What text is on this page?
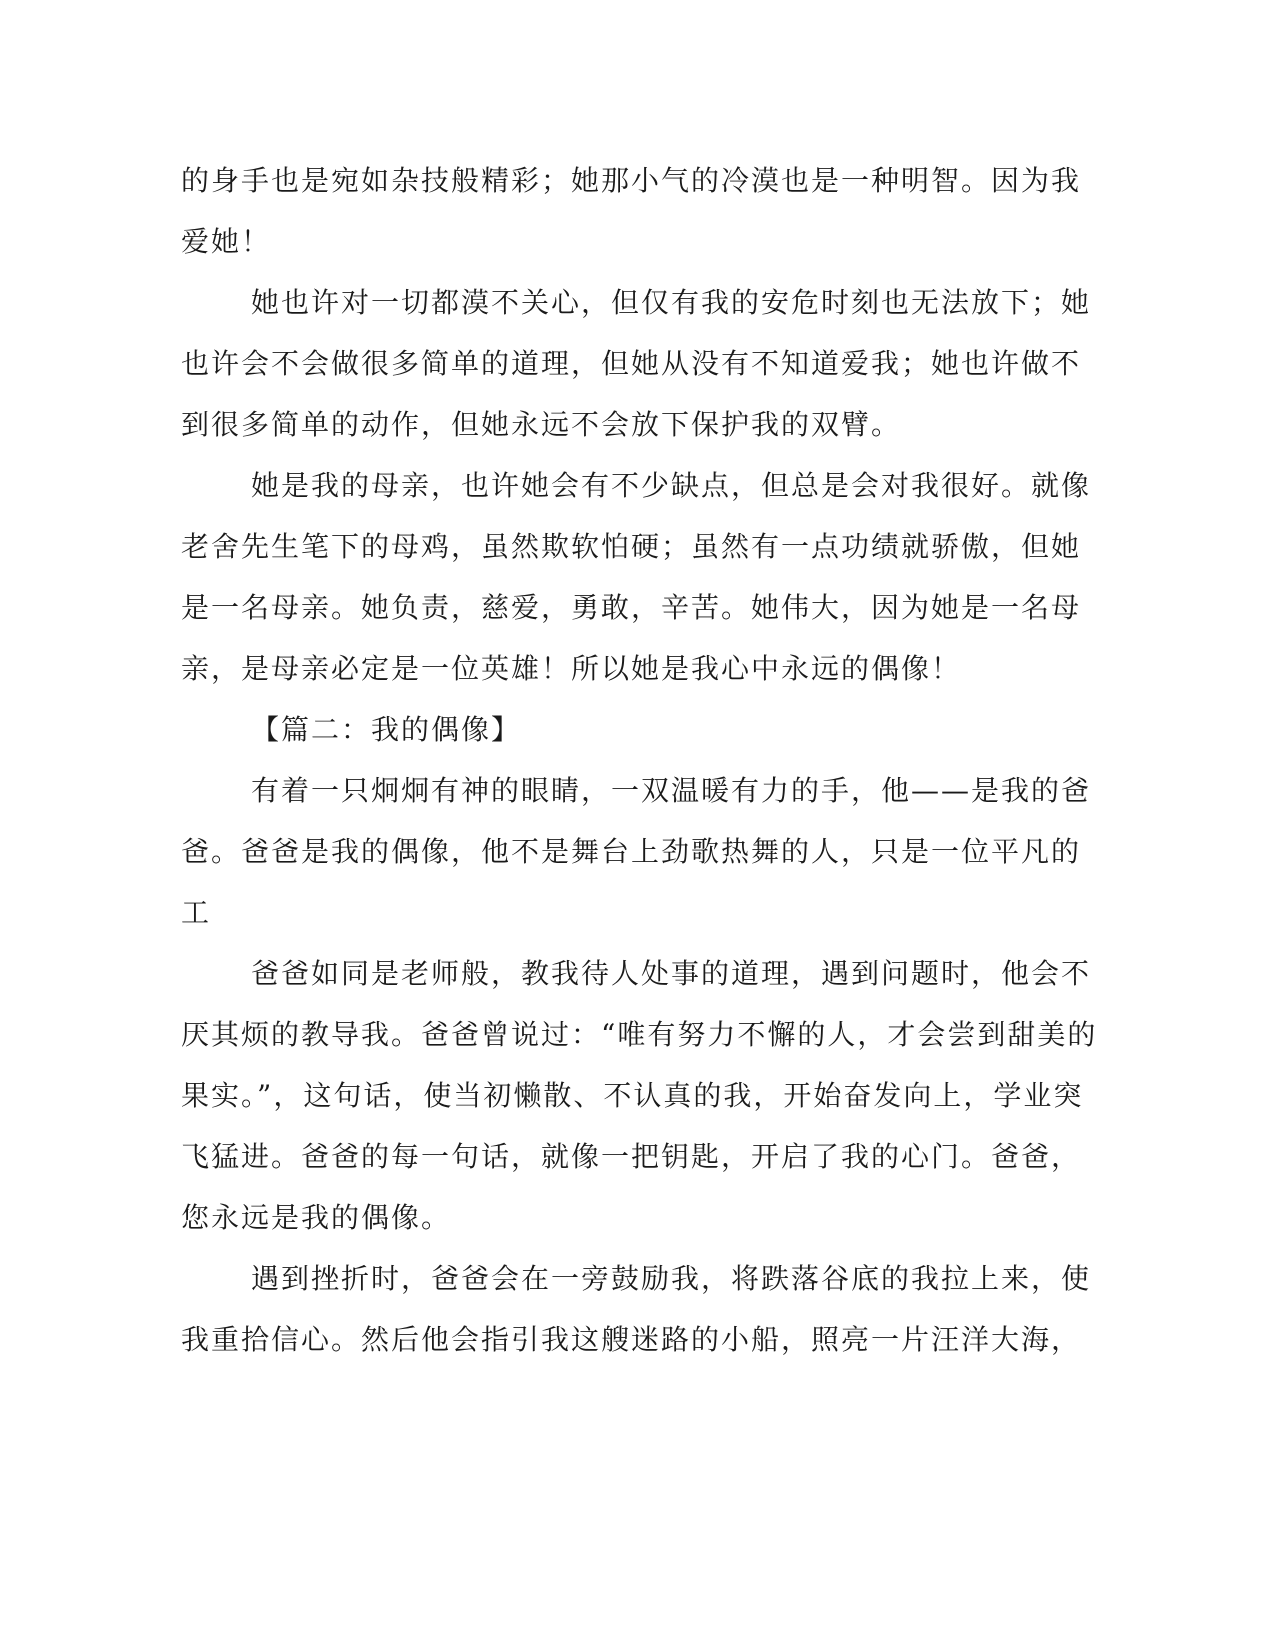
的身手也是宛如杂技般精彩；她那小气的冷漠也是一种明智。因为我
爱她！
她也许对一切都漠不关心，但仅有我的安危时刻也无法放下；她
也许会不会做很多简单的道理，但她从没有不知道爱我；她也许做不
到很多简单的动作，但她永远不会放下保护我的双臂。
她是我的母亲，也许她会有不少缺点，但总是会对我很好。就像
老舍先生笔下的母鸡，虽然欺软怕硬；虽然有一点功绩就骄傲，但她
是一名母亲。她负责，慈爱，勇敢，辛苦。她伟大，因为她是一名母
亲，是母亲必定是一位英雄！所以她是我心中永远的偶像！
【篇二：我的偶像】
有着一只炯炯有神的眼睛，一双温暖有力的手，他——是我的爸
爸。爸爸是我的偶像，他不是舞台上劲歌热舞的人，只是一位平凡的
工
爸爸如同是老师般，教我待人处事的道理，遇到问题时，他会不
厌其烦的教导我。爸爸曾说过：“唯有努力不懈的人，才会尝到甜美的
果实。”，这句话，使当初懒散、不认真的我，开始奋发向上，学业突
飞猛进。爸爸的每一句话，就像一把钥匙，开启了我的心门。爸爸，
您永远是我的偶像。
遇到挫折时，爸爸会在一旁鼓励我，将跌落谷底的我拉上来，使
我重拾信心。然后他会指引我这艘迷路的小船，照亮一片汪洋大海，
